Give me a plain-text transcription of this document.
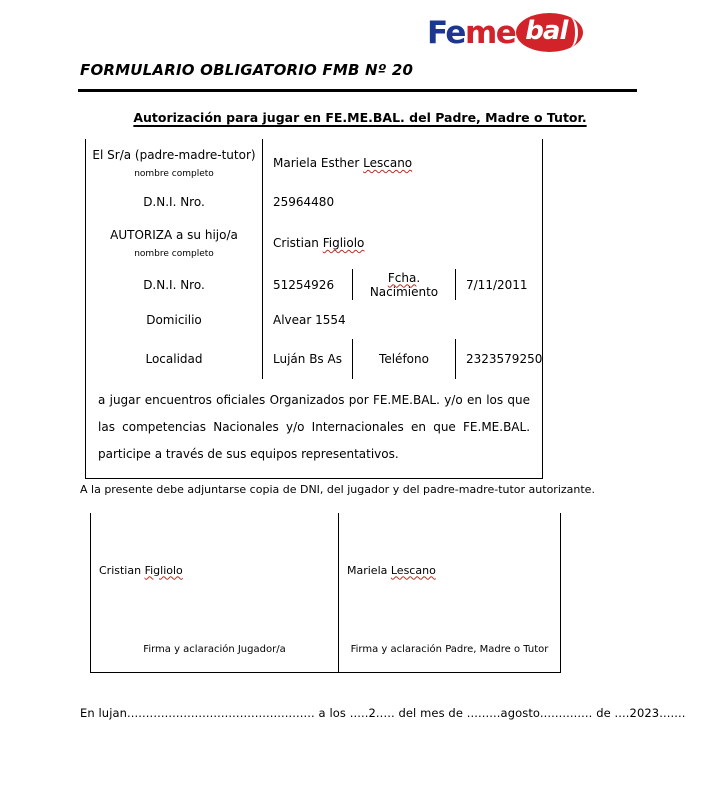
Fe me bal
FORMULARIO OBLIGATORIO FMB Nº 20
Autorización para jugar en FE.ME.BAL. del Padre, Madre o Tutor.
El Sr/a (padre-madre-tutor)
nombre completo	Mariela Esther Lescano		

D.N.I. Nro.	25964480		

AUTORIZA a su hijo/a
nombre completo	Cristian Figliolo		

D.N.I. Nro.	51254926	Fcha. Nacimiento	7/11/2011

Domicilio	Alvear 1554		

Localidad	Luján Bs As	Teléfono	2323579250
a jugar encuentros oficiales Organizados por FE.ME.BAL. y/o en los que las competencias Nacionales y/o Internacionales en que FE.ME.BAL. participe a través de sus equipos representativos.			
A la presente debe adjuntarse copia de DNI, del jugador y del padre-madre-tutor autorizante.
Cristian Figliolo	Mariela Lescano
Firma y aclaración Jugador/a	Firma y aclaración Padre, Madre o Tutor
En lujan.................................................. a los .....2..... del mes de .........agosto.............. de ....2023.......
